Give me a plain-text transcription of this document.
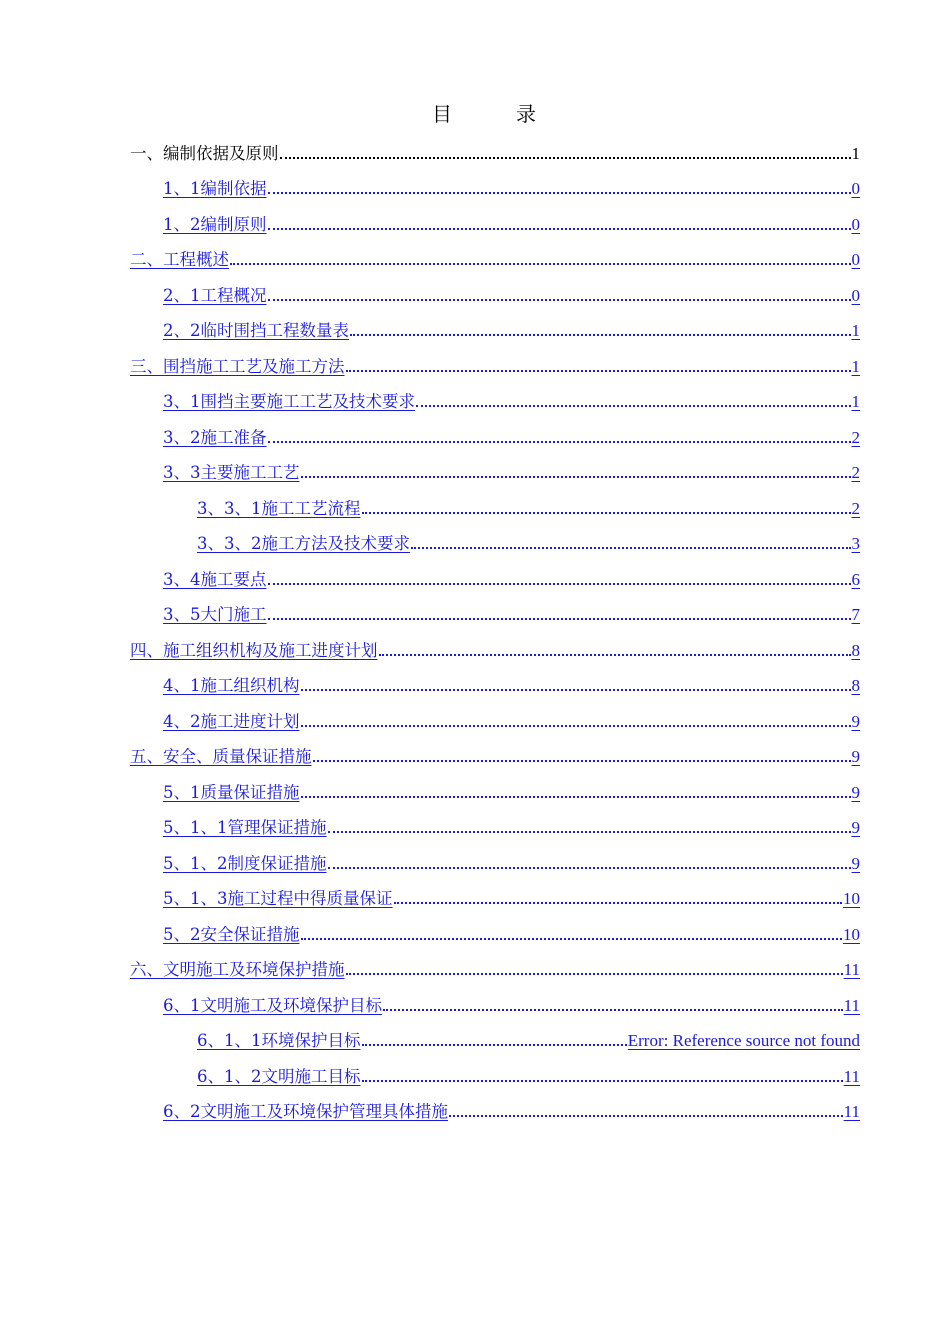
目　录
一、编制依据及原则	1
1、1编制依据	0
1、2编制原则	0
二、工程概述	0
2、1工程概况	0
2、2临时围挡工程数量表	1
三、围挡施工工艺及施工方法	1
3、1围挡主要施工工艺及技术要求	1
3、2施工准备	2
3、3主要施工工艺	2
3、3、1施工工艺流程	2
3、3、2施工方法及技术要求	3
3、4施工要点	6
3、5大门施工	7
四、施工组织机构及施工进度计划	8
4、1施工组织机构	8
4、2施工进度计划	9
五、安全、质量保证措施	9
5、1质量保证措施	9
5、1、1管理保证措施	9
5、1、2制度保证措施	9
5、1、3施工过程中得质量保证	10
5、2安全保证措施	10
六、文明施工及环境保护措施	11
6、1文明施工及环境保护目标	11
6、1、1环境保护目标	Error: Reference source not found
6、1、2文明施工目标	11
6、2文明施工及环境保护管理具体措施	11
